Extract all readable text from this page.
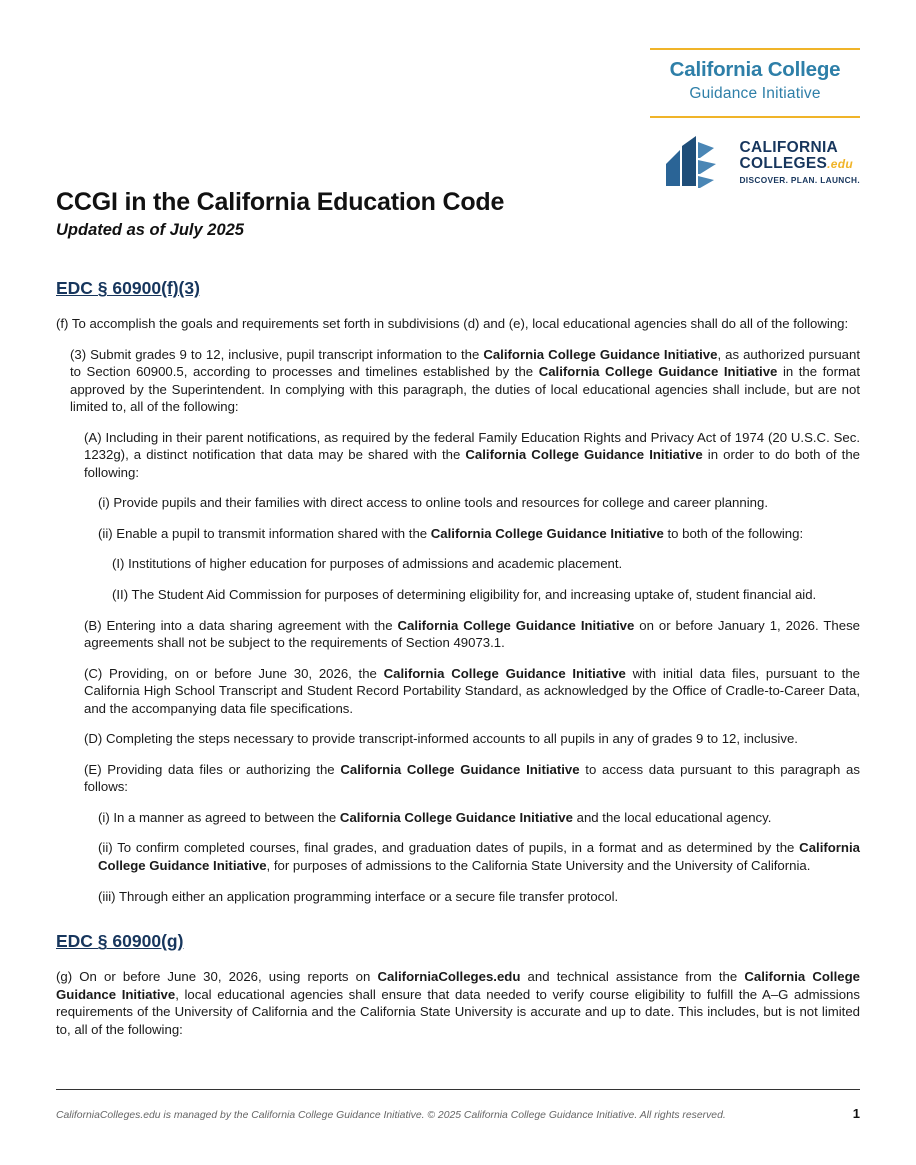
California College
Guidance Initiative
CALIFORNIA
COLLEGES.edu
DISCOVER. PLAN. LAUNCH.
CCGI in the California Education Code
Updated as of July 2025
EDC § 60900(f)(3)

(f) To accomplish the goals and requirements set forth in subdivisions (d) and (e), local educational agencies shall do all of the following:

(3) Submit grades 9 to 12, inclusive, pupil transcript information to the California College Guidance Initiative, as authorized pursuant to Section 60900.5, according to processes and timelines established by the California College Guidance Initiative in the format approved by the Superintendent. In complying with this paragraph, the duties of local educational agencies shall include, but are not limited to, all of the following:

(A) Including in their parent notifications, as required by the federal Family Education Rights and Privacy Act of 1974 (20 U.S.C. Sec. 1232g), a distinct notification that data may be shared with the California College Guidance Initiative in order to do both of the following:

(i) Provide pupils and their families with direct access to online tools and resources for college and career planning.

(ii) Enable a pupil to transmit information shared with the California College Guidance Initiative to both of the following:

(I) Institutions of higher education for purposes of admissions and academic placement.

(II) The Student Aid Commission for purposes of determining eligibility for, and increasing uptake of, student financial aid.

(B) Entering into a data sharing agreement with the California College Guidance Initiative on or before January 1, 2026. These agreements shall not be subject to the requirements of Section 49073.1.

(C) Providing, on or before June 30, 2026, the California College Guidance Initiative with initial data files, pursuant to the California High School Transcript and Student Record Portability Standard, as acknowledged by the Office of Cradle-to-Career Data, and the accompanying data file specifications.

(D) Completing the steps necessary to provide transcript-informed accounts to all pupils in any of grades 9 to 12, inclusive.

(E) Providing data files or authorizing the California College Guidance Initiative to access data pursuant to this paragraph as follows:

(i) In a manner as agreed to between the California College Guidance Initiative and the local educational agency.

(ii) To confirm completed courses, final grades, and graduation dates of pupils, in a format and as determined by the California College Guidance Initiative, for purposes of admissions to the California State University and the University of California.

(iii) Through either an application programming interface or a secure file transfer protocol.

EDC § 60900(g)

(g) On or before June 30, 2026, using reports on CaliforniaColleges.edu and technical assistance from the California College Guidance Initiative, local educational agencies shall ensure that data needed to verify course eligibility to fulfill the A–G admissions requirements of the University of California and the California State University is accurate and up to date. This includes, but is not limited to, all of the following:

CaliforniaColleges.edu is managed by the California College Guidance Initiative. © 2025 California College Guidance Initiative. All rights reserved.	1
